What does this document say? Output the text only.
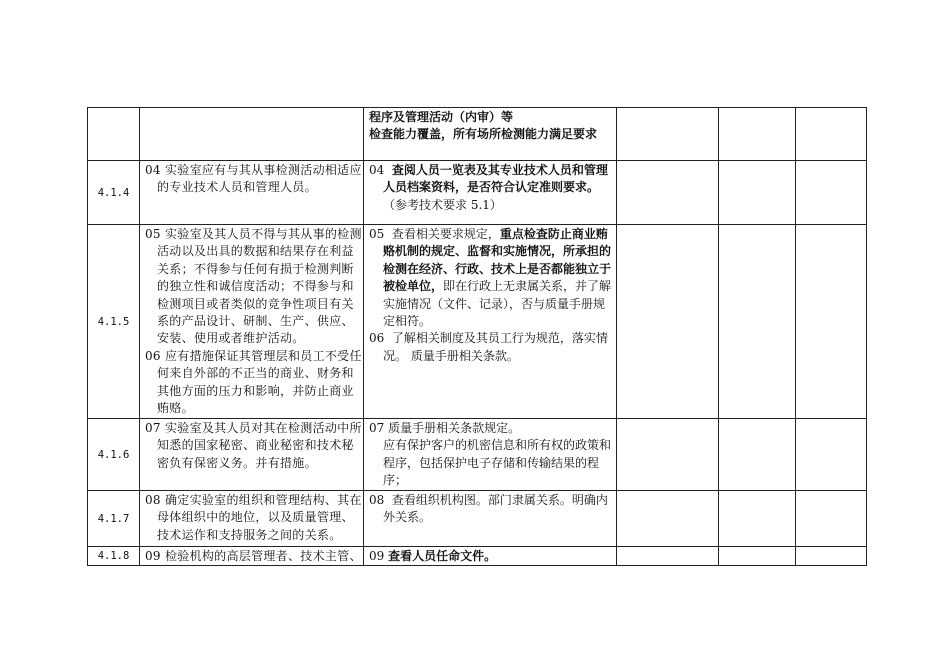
程序及管理活动（内审）等
检查能力覆盖，所有场所检测能力满足要求
4.1.4
04 实验室应有与其从事检测活动相适应
的专业技术人员和管理人员。
04  查阅人员一览表及其专业技术人员和管理
人员档案资料，是否符合认定准则要求。
（参考技术要求 5.1）
4.1.5
05 实验室及其人员不得与其从事的检测
活动以及出具的数据和结果存在利益
关系；不得参与任何有损于检测判断
的独立性和诚信度活动；不得参与和
检测项目或者类似的竞争性项目有关
系的产品设计、研制、生产、供应、
安装、使用或者维护活动。
06 应有措施保证其管理层和员工不受任
何来自外部的不正当的商业、财务和
其他方面的压力和影响，并防止商业
贿赂。
05  查看相关要求规定，重点检查防止商业贿
赂机制的规定、监督和实施情况，所承担的
检测在经济、行政、技术上是否都能独立于
被检单位，即在行政上无隶属关系，并了解
实施情况（文件、记录），否与质量手册规
定相符。
06  了解相关制度及其员工行为规范，落实情
况。 质量手册相关条款。
4.1.6
07 实验室及其人员对其在检测活动中所
知悉的国家秘密、商业秘密和技术秘
密负有保密义务。并有措施。
07 质量手册相关条款规定。
应有保护客户的机密信息和所有权的政策和
程序，包括保护电子存储和传输结果的程
序；
4.1.7
08 确定实验室的组织和管理结构、其在
母体组织中的地位，以及质量管理、
技术运作和支持服务之间的关系。
08  查看组织机构图。部门隶属关系。明确内
外关系。
4.1.8 09 检验机构的高层管理者、技术主管、 09 查看人员任命文件。
